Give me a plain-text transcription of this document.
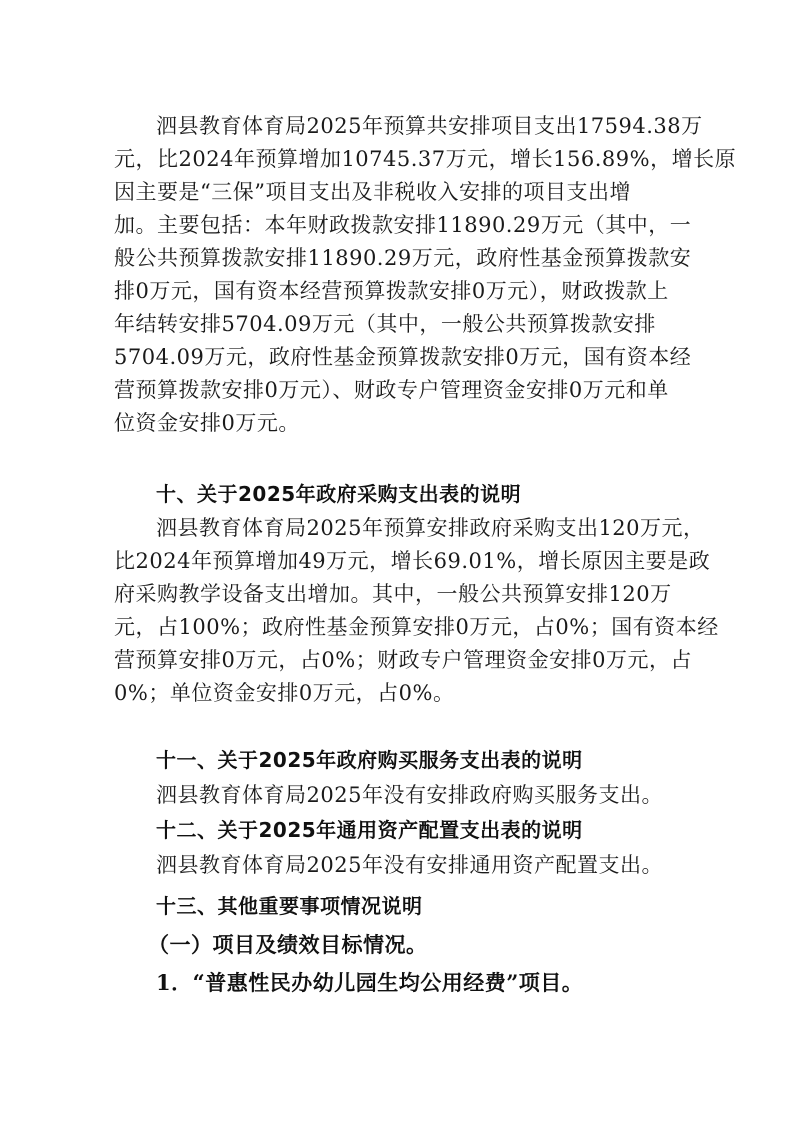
泗县教育体育局2025年预算共安排项目支出17594.38万
元，比2024年预算增加10745.37万元，增长156.89%，增长原
因主要是“三保”项目支出及非税收入安排的项目支出增
加。主要包括：本年财政拨款安排11890.29万元（其中，一
般公共预算拨款安排11890.29万元，政府性基金预算拨款安
排0万元，国有资本经营预算拨款安排0万元），财政拨款上
年结转安排5704.09万元（其中，一般公共预算拨款安排
5704.09万元，政府性基金预算拨款安排0万元，国有资本经
营预算拨款安排0万元）、财政专户管理资金安排0万元和单
位资金安排0万元。
十、关于2025年政府采购支出表的说明
泗县教育体育局2025年预算安排政府采购支出120万元，
比2024年预算增加49万元，增长69.01%，增长原因主要是政
府采购教学设备支出增加。其中，一般公共预算安排120万
元，占100%；政府性基金预算安排0万元，占0%；国有资本经
营预算安排0万元，占0%；财政专户管理资金安排0万元，占
0%；单位资金安排0万元，占0%。
十一、关于2025年政府购买服务支出表的说明
泗县教育体育局2025年没有安排政府购买服务支出。
十二、关于2025年通用资产配置支出表的说明
泗县教育体育局2025年没有安排通用资产配置支出。
十三、其他重要事项情况说明
（一）项目及绩效目标情况。
1．“普惠性民办幼儿园生均公用经费”项目。
